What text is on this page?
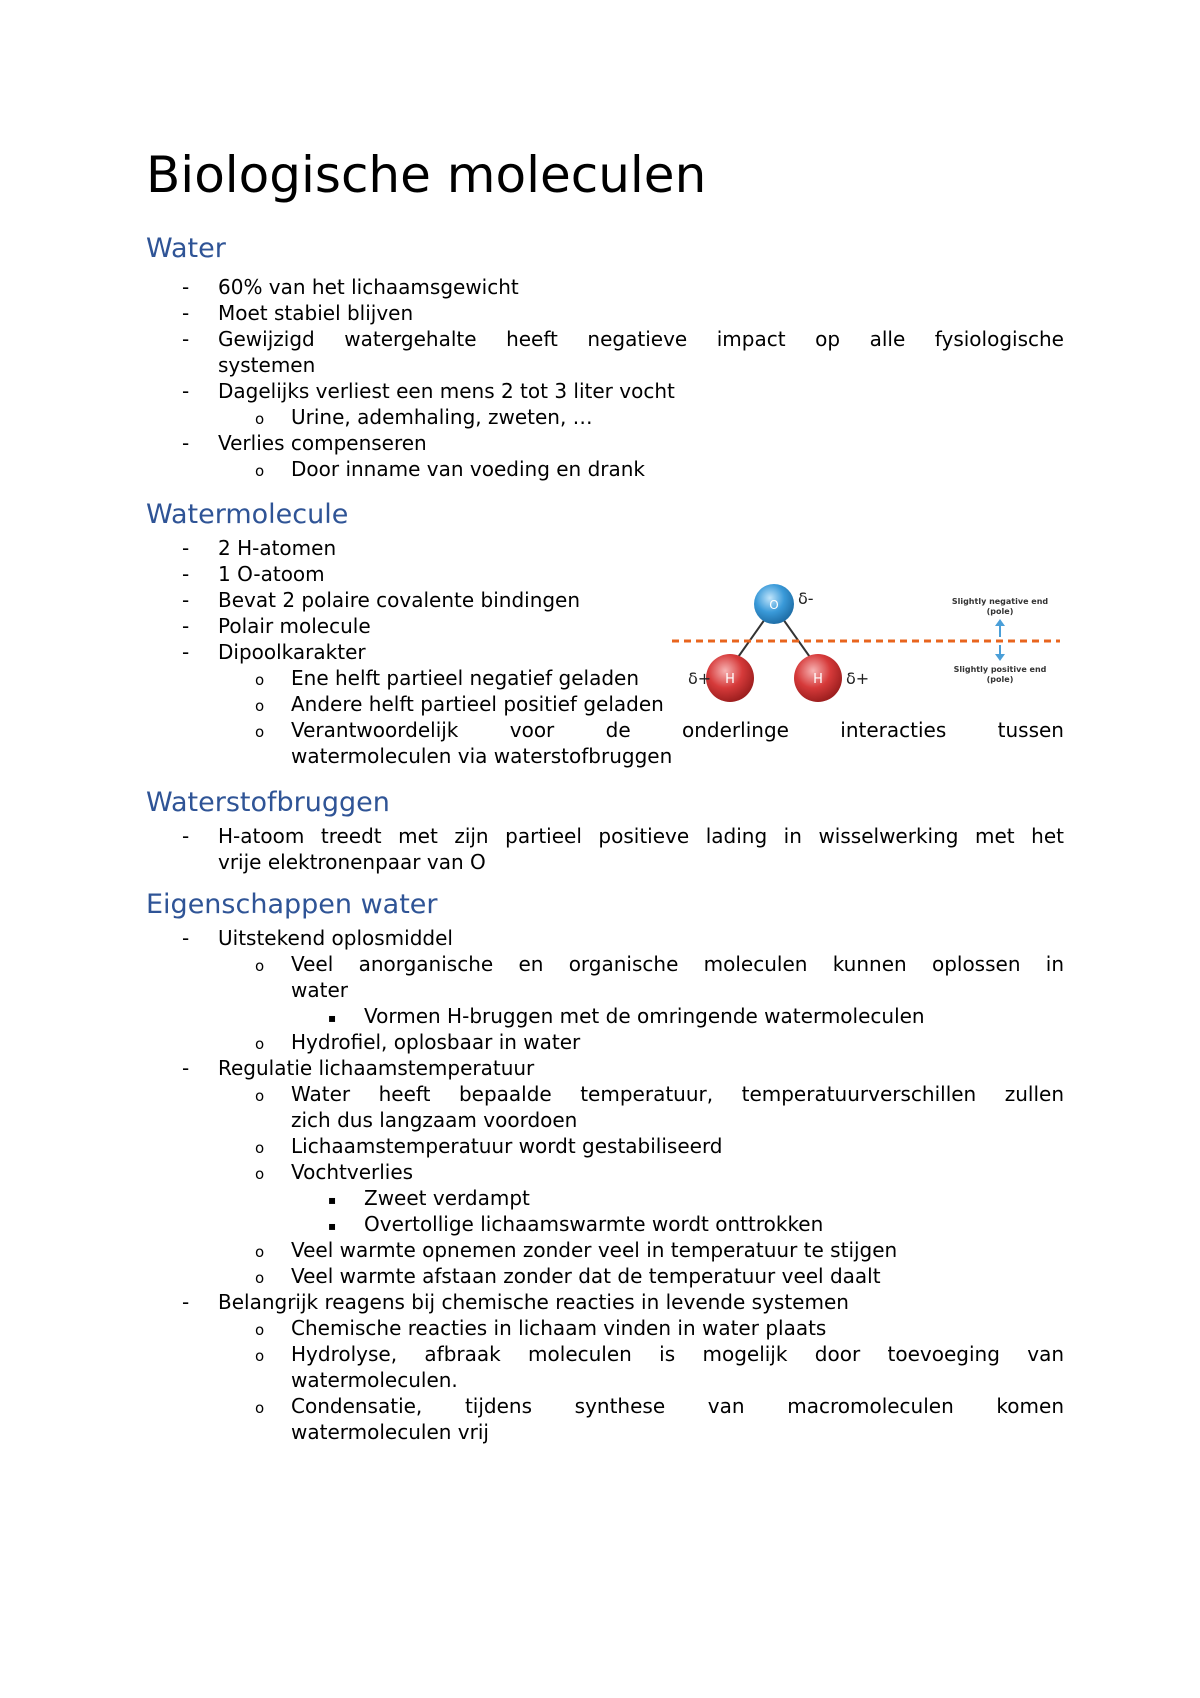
Biologische moleculen
Water
- 60% van het lichaamsgewicht
- Moet stabiel blijven
- Gewijzigd watergehalte heeft negatieve impact op alle fysiologische
systemen
- Dagelijks verliest een mens 2 tot 3 liter vocht
o Urine, ademhaling, zweten, …
- Verlies compenseren
o Door inname van voeding en drank
Watermolecule
- 2 H-atomen
- 1 O-atoom
- Bevat 2 polaire covalente bindingen
- Polair molecule
- Dipoolkarakter
o Ene helft partieel negatief geladen
o Andere helft partieel positief geladen
o Verantwoordelijk voor de onderlinge interacties tussen
watermoleculen via waterstofbruggen
Waterstofbruggen
- H-atoom treedt met zijn partieel positieve lading in wisselwerking met het
vrije elektronenpaar van O
Eigenschappen water
- Uitstekend oplosmiddel
o Veel anorganische en organische moleculen kunnen oplossen in
water
▪ Vormen H-bruggen met de omringende watermoleculen
o Hydrofiel, oplosbaar in water
- Regulatie lichaamstemperatuur
o Water heeft bepaalde temperatuur, temperatuurverschillen zullen
zich dus langzaam voordoen
o Lichaamstemperatuur wordt gestabiliseerd
o Vochtverlies
▪ Zweet verdampt
▪ Overtollige lichaamswarmte wordt onttrokken
o Veel warmte opnemen zonder veel in temperatuur te stijgen
o Veel warmte afstaan zonder dat de temperatuur veel daalt
- Belangrijk reagens bij chemische reacties in levende systemen
o Chemische reacties in lichaam vinden in water plaats
o Hydrolyse, afbraak moleculen is mogelijk door toevoeging van
watermoleculen.
o Condensatie, tijdens synthese van macromoleculen komen
watermoleculen vrij
O δ-
H	H
δ+	δ+
Slightly negative end
(pole)
Slightly positive end
(pole)
